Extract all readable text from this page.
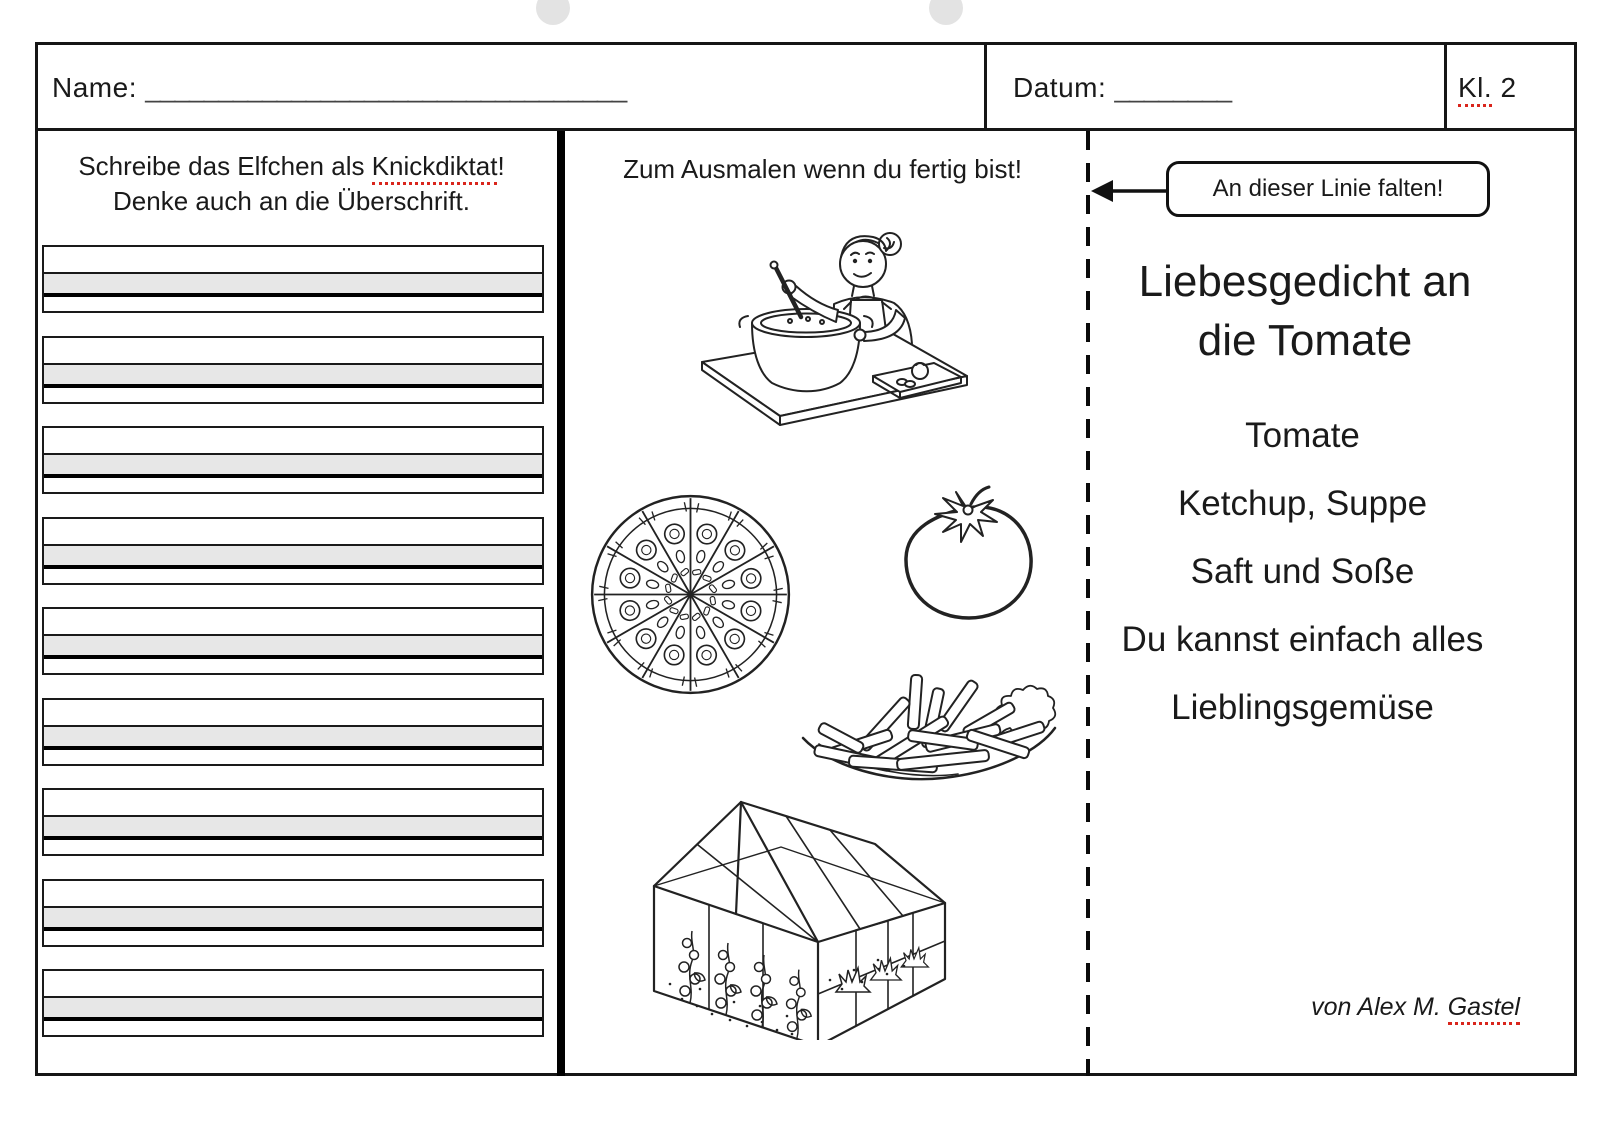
Name: _________________________________	Datum: ________	Kl. 2
Schreibe das Elfchen als Knickdiktat!
Denke auch an die Überschrift.
Zum Ausmalen wenn du fertig bist!
An dieser Linie falten!
Liebesgedicht an
die Tomate
Tomate
Ketchup, Suppe
Saft und Soße
Du kannst einfach alles
Lieblingsgemüse
von Alex M. Gastel
